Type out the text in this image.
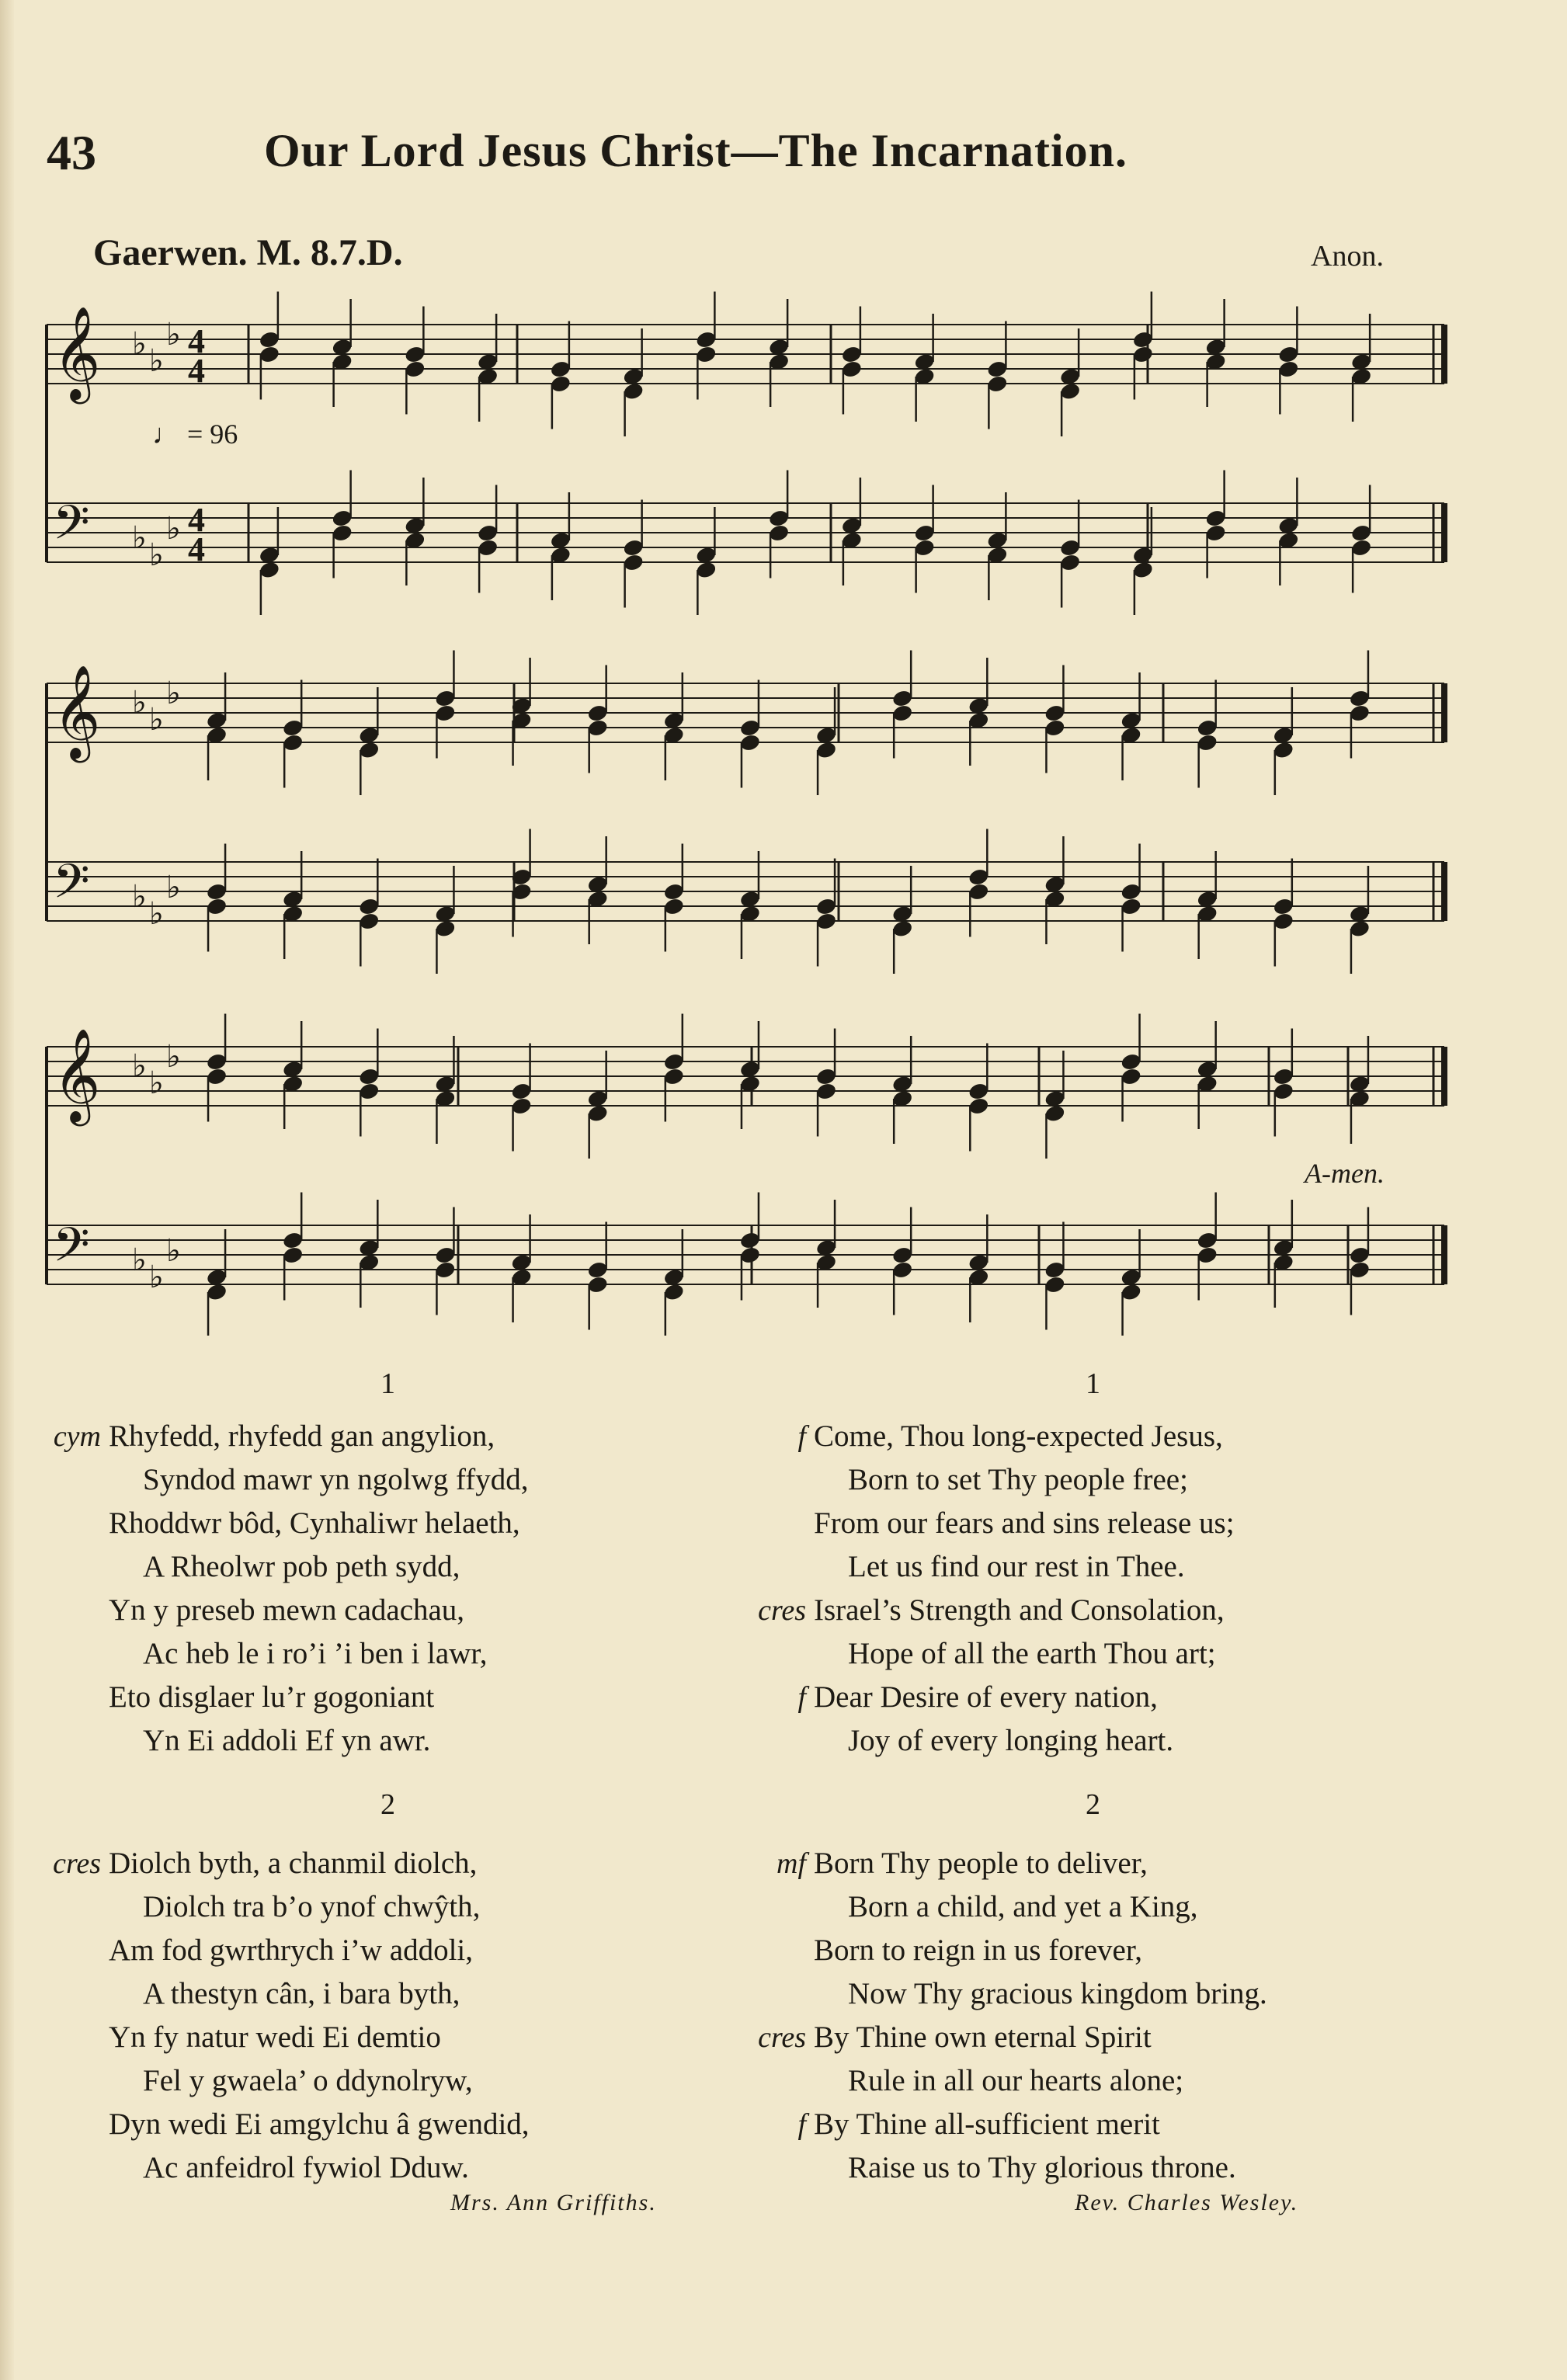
43	Our Lord Jesus Christ—The Incarnation.
Gaerwen. M. 8.7.D.	Anon.
♩ = 96
A-men.
𝄞 ♭ ♭
♭ 4
4
𝄢 ♭ ♭
♭ 4
4
𝄞 ♭ ♭
♭
𝄢 ♭ ♭
♭
𝄞 ♭ ♭
♭
𝄢 ♭ ♭
♭
1
cym Rhyfedd, rhyfedd gan angylion,
Syndod mawr yn ngolwg ffydd,
Rhoddwr bôd, Cynhaliwr helaeth,
A Rheolwr pob peth sydd,
Yn y preseb mewn cadachau,
Ac heb le i ro’i ’i ben i lawr,
Eto disglaer lu’r gogoniant
Yn Ei addoli Ef yn awr.
1
f Come, Thou long-expected Jesus,
Born to set Thy people free;
From our fears and sins release us;
Let us find our rest in Thee.
cres Israel’s Strength and Consolation,
Hope of all the earth Thou art;
f Dear Desire of every nation,
Joy of every longing heart.
2
cres Diolch byth, a chanmil diolch,
Diolch tra b’o ynof chwŷth,
Am fod gwrthrych i’w addoli,
A thestyn cân, i bara byth,
Yn fy natur wedi Ei demtio
Fel y gwaela’ o ddynolryw,
Dyn wedi Ei amgylchu â gwendid,
Ac anfeidrol fywiol Dduw.
2
mf Born Thy people to deliver,
Born a child, and yet a King,
Born to reign in us forever,
Now Thy gracious kingdom bring.
cres By Thine own eternal Spirit
Rule in all our hearts alone;
f By Thine all-sufficient merit
Raise us to Thy glorious throne.
Mrs. Ann Griffiths.	Rev. Charles Wesley.
